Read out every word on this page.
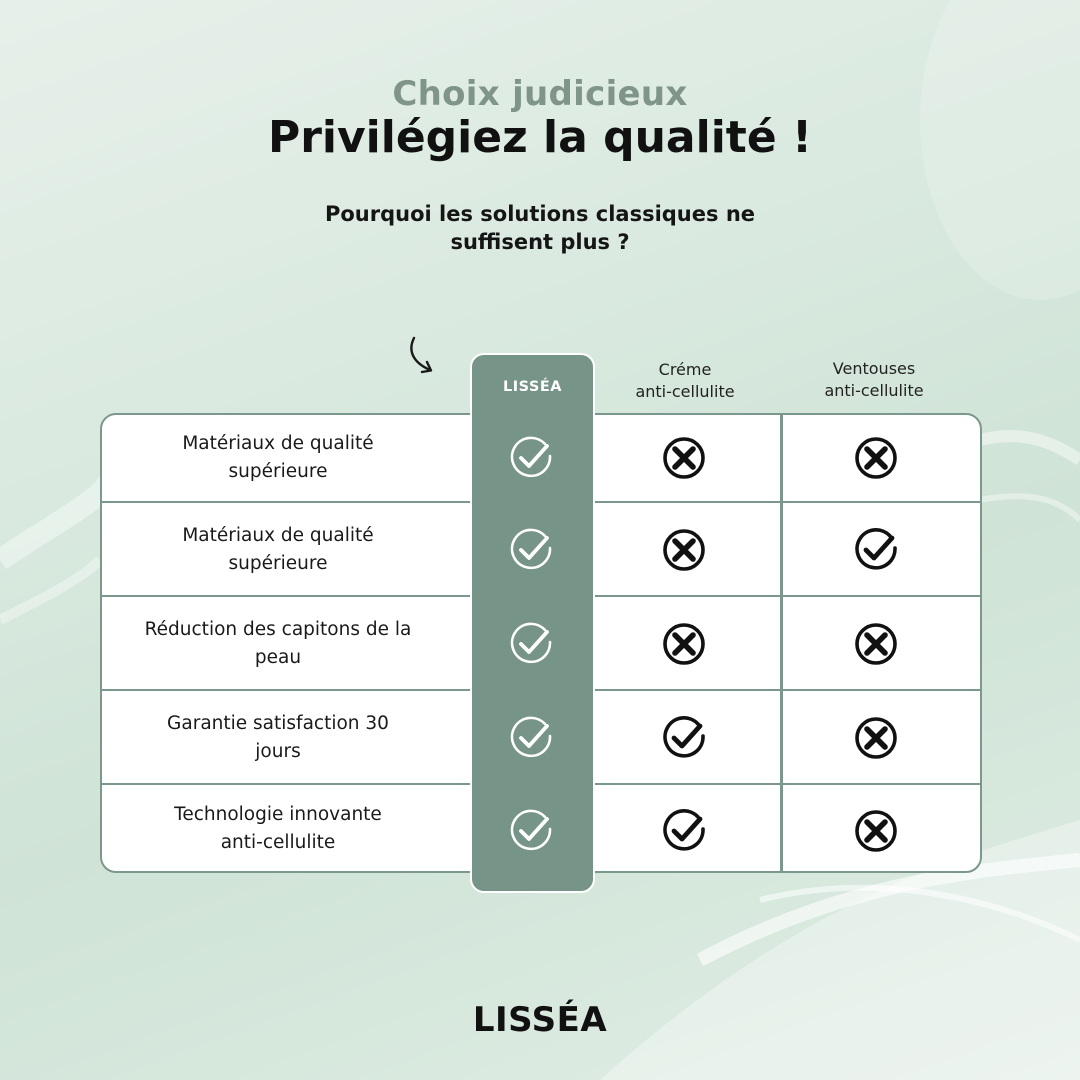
Choix judicieux
Privilégiez la qualité !
Pourquoi les solutions classiques ne suffisent plus ?
Créme
anti-cellulite
Ventouses
anti-cellulite
Matériaux de qualité supérieure
Matériaux de qualité supérieure
Réduction des capitons de la peau
Garantie satisfaction 30 jours
Technologie innovante anti-cellulite
LISSÉA
LISSÉA
